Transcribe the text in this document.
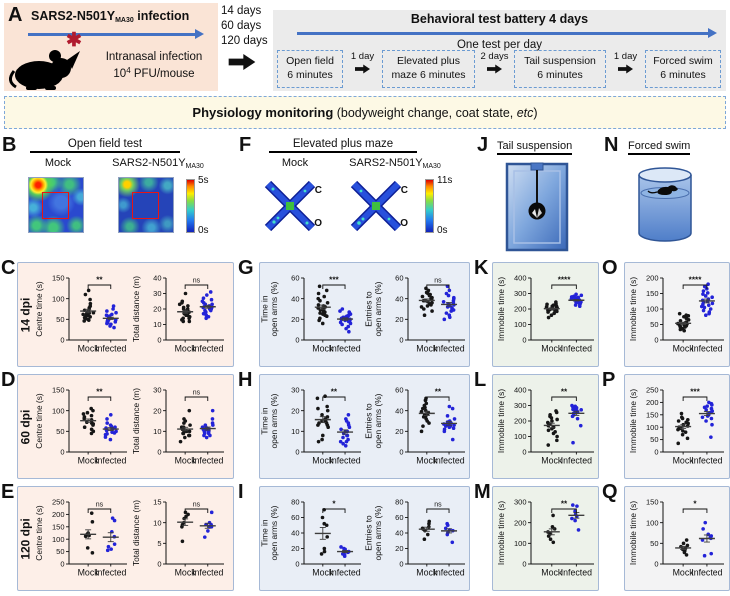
A $SARS2-N501Y_{MA30}$ infection
✱
Intranasal infection
$10^4$ PFU/mouse
14 days
60 days
120 days
Behavioral test battery 4 days
One test per day
Open field
6 minutes
1 day	Elevated plus
maze 6 minutes
2 days	Tail suspension
6 minutes
1 day	Forced swim
6 minutes
Physiology monitoring (bodyweight change, coat state, etc )
B	Open field test
Mock	$SARS2-N501Y_{MA30}$
5s
0s
F	Elevated plus maze
Mock	$SARS2-N501Y_{MA30}$
C
O
C
O
11s
0s
J Tail suspension N Forced swim
C
14 dpi
0
50
100
150
Centre time (s)
Mock
Infected
**
0
10
20
30
40
Total distance (m)
Mock
Infected
ns
G
0
20
40
60
Time in open arms (%)
Mock
Infected
***
0
20
40
60
Entries to open arms (%)
Mock
Infected
ns
K
0
100
200
300
400
Immobile time (s)
Mock
Infected
****
O
0
50
100
150
200
Immobile time (s)
Mock
Infected
****
D
60 dpi
0
50
100
150
Centre time (s)
Mock
Infected
**
0
10
20
30
Total distance (m)
Mock
Infected
ns
H
0
10
20
30
Time in open arms (%)
Mock
Infected
**
0
20
40
60
Entries to open arms (%)
Mock
Infected
**
L
0
100
200
300
400
Immobile time (s)
Mock
Infected
**
P
0
50
100
150
200
250
Immobile time (s)
Mock
Infected
***
E
120 dpi
0
50
100
150
200
250
Centre time (s)
Mock
Infected
ns
0
5
10
15
Total distance (m)
Mock
Infected
ns
I
0
20
40
60
80
Time in open arms (%)
Mock
Infected
*
0
20
40
60
80
Entries to open arms (%)
Mock
Infected
ns
M
0
100
200
300
Immobile time (s)
Mock
Infected
**
Q
0
50
100
150
Immobile time (s)
Mock
Infected
*
